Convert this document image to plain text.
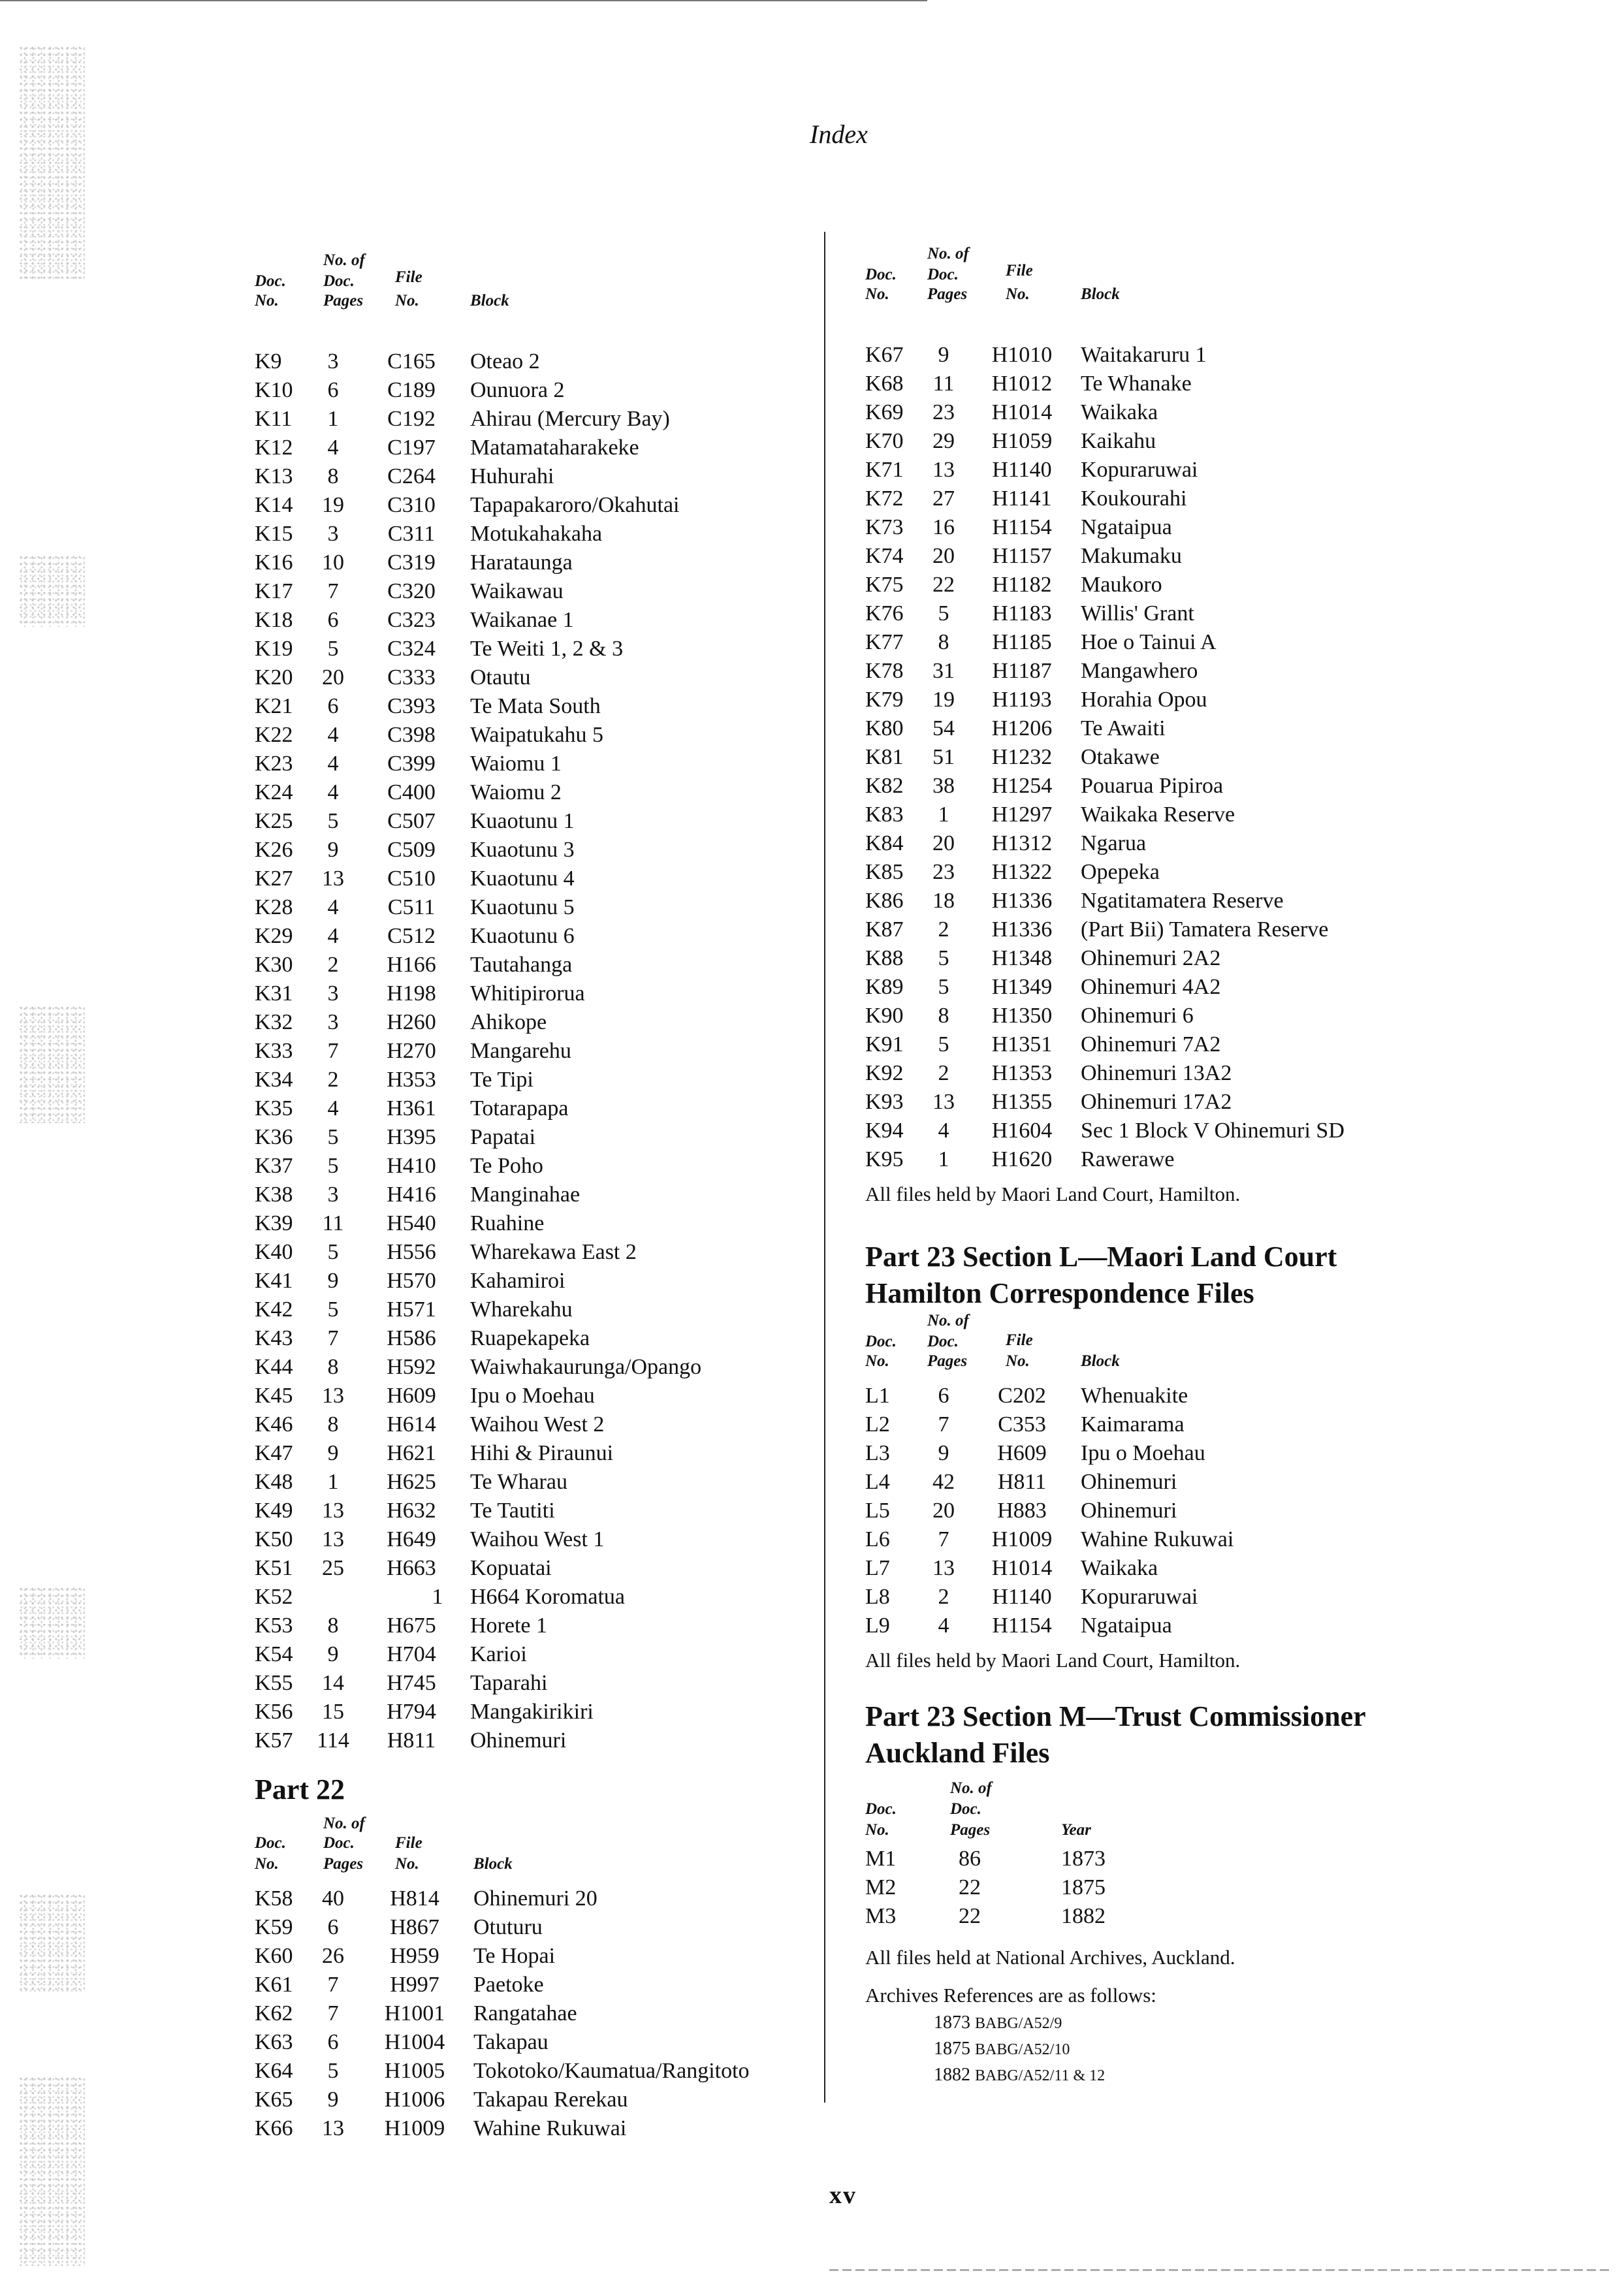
Index
No. of
Doc. Doc. File
No.	Pages No.	Block
K9	3	C165	Oteao 2
K10	6	C189	Ounuora 2
K11	1	C192	Ahirau (Mercury Bay)
K12	4	C197	Matamataharakeke
K13	8	C264	Huhurahi
K14	19	C310	Tapapakaroro/Okahutai
K15	3	C311	Motukahakaha
K16	10	C319	Harataunga
K17	7	C320	Waikawau
K18	6	C323	Waikanae 1
K19	5	C324	Te Weiti 1, 2 & 3
K20	20	C333	Otautu
K21	6	C393	Te Mata South
K22	4	C398	Waipatukahu 5
K23	4	C399	Waiomu 1
K24	4	C400	Waiomu 2
K25	5	C507	Kuaotunu 1
K26	9	C509	Kuaotunu 3
K27	13	C510	Kuaotunu 4
K28	4	C511	Kuaotunu 5
K29	4	C512	Kuaotunu 6
K30	2	H166	Tautahanga
K31	3	H198	Whitipirorua
K32	3	H260	Ahikope
K33	7	H270	Mangarehu
K34	2	H353	Te Tipi
K35	4	H361	Totarapapa
K36	5	H395	Papatai
K37	5	H410	Te Poho
K38	3	H416	Manginahae
K39	11	H540	Ruahine
K40	5	H556	Wharekawa East 2
K41	9	H570	Kahamiroi
K42	5	H571	Wharekahu
K43	7	H586	Ruapekapeka
K44	8	H592	Waiwhakaurunga/Opango
K45	13	H609	Ipu o Moehau
K46	8	H614	Waihou West 2
K47	9	H621	Hihi & Piraunui
K48	1	H625	Te Wharau
K49	13	H632	Te Tautiti
K50	13	H649	Waihou West 1
K51	25	H663	Kopuatai
K52	1	H664 Koromatua
K53	8	H675	Horete 1
K54	9	H704	Karioi
K55	14	H745	Taparahi
K56	15	H794	Mangakirikiri
K57	114	H811	Ohinemuri
Part 22
No. of
Doc. Doc. File
No.	Pages No.	Block
K58	40	H814	Ohinemuri 20
K59	6	H867	Otuturu
K60	26	H959	Te Hopai
K61	7	H997	Paetoke
K62	7	H1001	Rangatahae
K63	6	H1004	Takapau
K64	5	H1005	Tokotoko/Kaumatua/Rangitoto
K65	9	H1006	Takapau Rerekau
K66	13	H1009	Wahine Rukuwai
No. of
Doc. Doc.	File
No. Pages No.	Block
K67	9	H1010	Waitakaruru 1
K68	11	H1012	Te Whanake
K69	23	H1014	Waikaka
K70	29	H1059	Kaikahu
K71	13	H1140	Kopuraruwai
K72	27	H1141	Koukourahi
K73	16	H1154	Ngataipua
K74	20	H1157	Makumaku
K75	22	H1182	Maukoro
K76	5	H1183	Willis' Grant
K77	8	H1185	Hoe o Tainui A
K78	31	H1187	Mangawhero
K79	19	H1193	Horahia Opou
K80	54	H1206	Te Awaiti
K81	51	H1232	Otakawe
K82	38	H1254	Pouarua Pipiroa
K83	1	H1297	Waikaka Reserve
K84	20	H1312	Ngarua
K85	23	H1322	Opepeka
K86	18	H1336	Ngatitamatera Reserve
K87	2	H1336	(Part Bii) Tamatera Reserve
K88	5	H1348	Ohinemuri 2A2
K89	5	H1349	Ohinemuri 4A2
K90	8	H1350	Ohinemuri 6
K91	5	H1351	Ohinemuri 7A2
K92	2	H1353	Ohinemuri 13A2
K93	13	H1355	Ohinemuri 17A2
K94	4	H1604	Sec 1 Block V Ohinemuri SD
K95	1	H1620	Rawerawe
All files held by Maori Land Court, Hamilton.
Part 23 Section L—Maori Land Court
Hamilton Correspondence Files
No. of
Doc. Doc.	File
No. Pages No.	Block
L1	6	C202	Whenuakite
L2	7	C353	Kaimarama
L3	9	H609	Ipu o Moehau
L4	42	H811	Ohinemuri
L5	20	H883	Ohinemuri
L6	7	H1009	Wahine Rukuwai
L7	13	H1014	Waikaka
L8	2	H1140	Kopuraruwai
L9	4	H1154	Ngataipua
All files held by Maori Land Court, Hamilton.
Part 23 Section M—Trust Commissioner
Auckland Files
No. of
Doc.	Doc.
No.	Pages	Year
M1	86	1873
M2	22	1875
M3	22	1882
All files held at National Archives, Auckland.
Archives References are as follows:
1873 BABG/A52/9
1875 BABG/A52/10
1882 BABG/A52/11 & 12
xv
